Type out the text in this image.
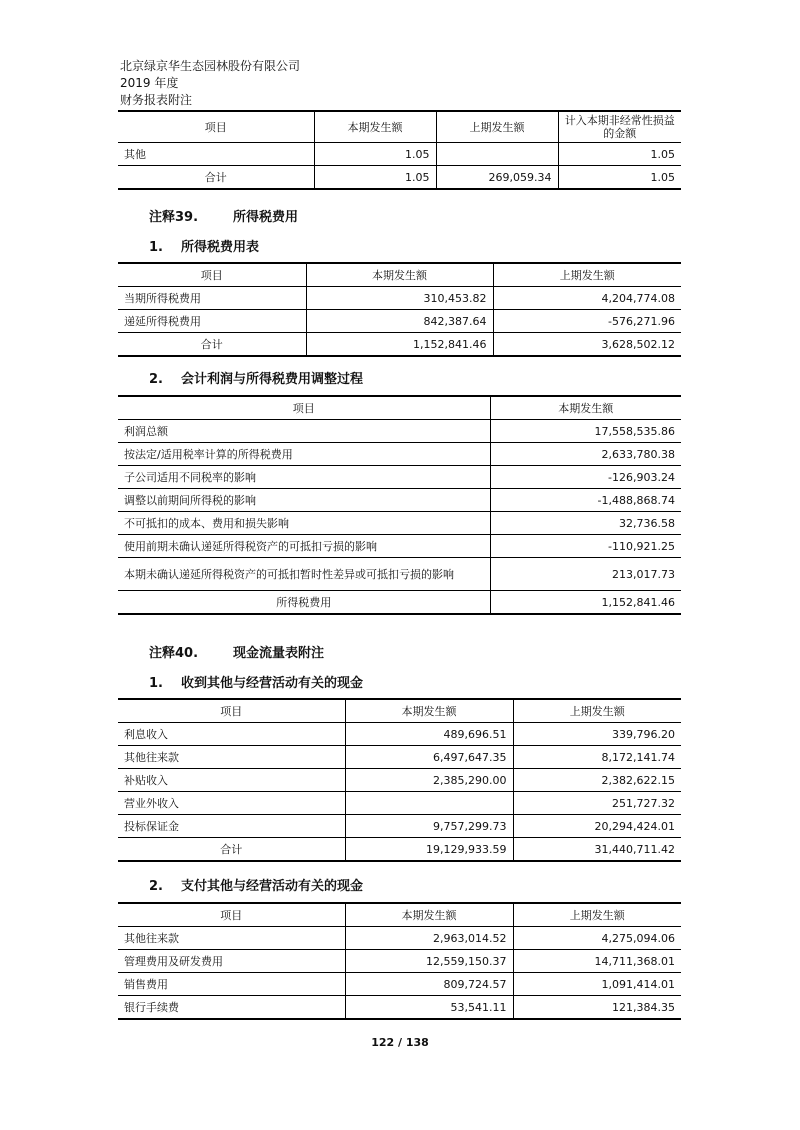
北京绿京华生态园林股份有限公司
2019 年度
财务报表附注
项目	本期发生额	上期发生额	计入本期非经常性损益的金额
其他	1.05		1.05
合计	1.05	269,059.34	1.05
注释39.	所得税费用
1. 所得税费用表
项目	本期发生额	上期发生额
当期所得税费用	310,453.82	4,204,774.08
递延所得税费用	842,387.64	-576,271.96
合计	1,152,841.46	3,628,502.12
2. 会计利润与所得税费用调整过程
项目	本期发生额
利润总额	17,558,535.86
按法定/适用税率计算的所得税费用	2,633,780.38
子公司适用不同税率的影响	-126,903.24
调整以前期间所得税的影响	-1,488,868.74
不可抵扣的成本、费用和损失影响	32,736.58
使用前期未确认递延所得税资产的可抵扣亏损的影响	-110,921.25
本期未确认递延所得税资产的可抵扣暂时性差异或可抵扣亏损的影响	213,017.73
所得税费用	1,152,841.46
注释40.	现金流量表附注
1. 收到其他与经营活动有关的现金
项目	本期发生额	上期发生额
利息收入	489,696.51	339,796.20
其他往来款	6,497,647.35	8,172,141.74
补贴收入	2,385,290.00	2,382,622.15
营业外收入		251,727.32
投标保证金	9,757,299.73	20,294,424.01
合计	19,129,933.59	31,440,711.42
2. 支付其他与经营活动有关的现金
项目	本期发生额	上期发生额
其他往来款	2,963,014.52	4,275,094.06
管理费用及研发费用	12,559,150.37	14,711,368.01
销售费用	809,724.57	1,091,414.01
银行手续费	53,541.11	121,384.35
122 / 138
